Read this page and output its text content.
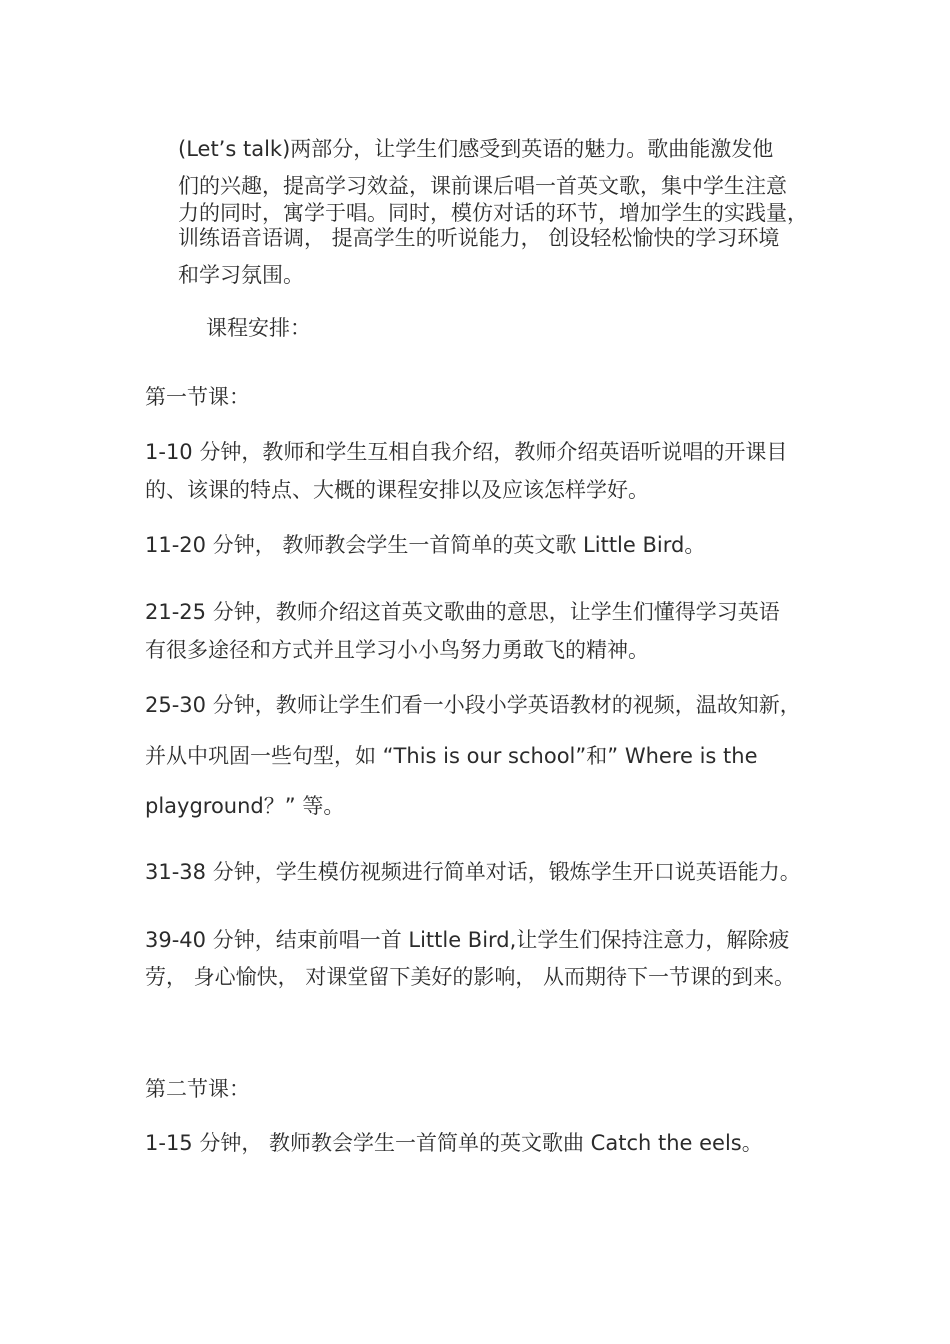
(Let’s talk)两部分，让学生们感受到英语的魅力。歌曲能激发他
们的兴趣，提高学习效益，课前课后唱一首英文歌，集中学生注意
力的同时，寓学于唱。同时，模仿对话的环节，增加学生的实践量，
训练语音语调， 提高学生的听说能力， 创设轻松愉快的学习环境
和学习氛围。
课程安排：
第一节课：
1-10 分钟，教师和学生互相自我介绍，教师介绍英语听说唱的开课目
的、该课的特点、大概的课程安排以及应该怎样学好。
11-20 分钟， 教师教会学生一首简单的英文歌 Little Bird。
21-25 分钟，教师介绍这首英文歌曲的意思，让学生们懂得学习英语
有很多途径和方式并且学习小小鸟努力勇敢飞的精神。
25-30 分钟，教师让学生们看一小段小学英语教材的视频，温故知新，
并从中巩固一些句型，如 “This is our school”和” Where is the
playground？” 等。
31-38 分钟，学生模仿视频进行简单对话，锻炼学生开口说英语能力。
39-40 分钟，结束前唱一首 Little Bird,让学生们保持注意力，解除疲
劳， 身心愉快， 对课堂留下美好的影响， 从而期待下一节课的到来。
第二节课：
1-15 分钟， 教师教会学生一首简单的英文歌曲 Catch the eels。
